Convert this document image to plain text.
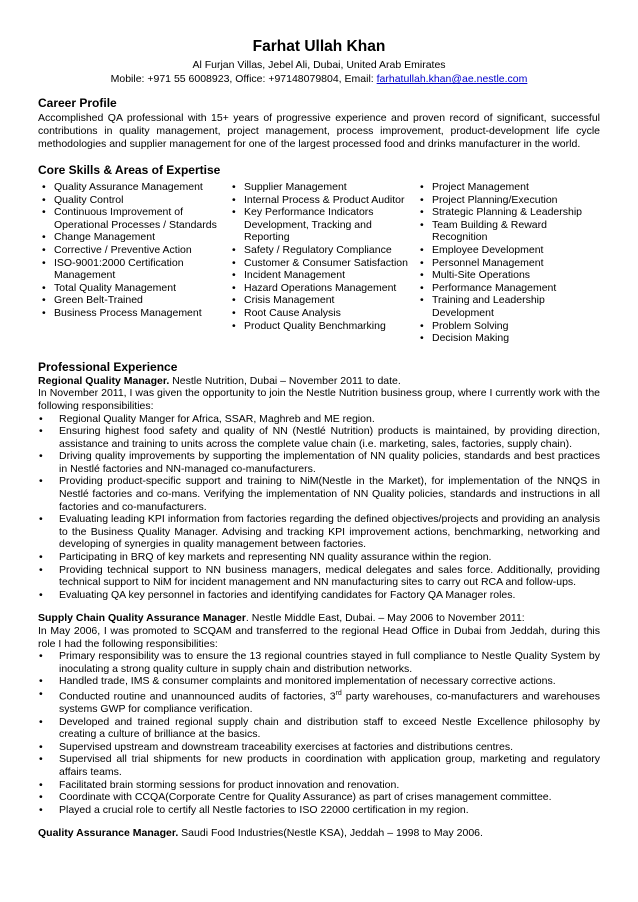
Farhat Ullah Khan
Al Furjan Villas, Jebel Ali, Dubai, United Arab Emirates
Mobile: +971 55 6008923, Office: +97148079804, Email: farhatullah.khan@ae.nestle.com
Career Profile

Accomplished QA professional with 15+ years of progressive experience and proven record of significant, successful contributions in quality management, project management, process improvement, product-development life cycle methodologies and supplier management for one of the largest processed food and drinks manufacturer in the world.

Core Skills & Areas of Expertise
• Quality Assurance Management
• Quality Control
• Continuous Improvement of Operational Processes / Standards
• Change Management
• Corrective / Preventive Action
• ISO-9001:2000 Certification Management
• Total Quality Management
• Green Belt-Trained
• Business Process Management
• Supplier Management
• Internal Process & Product Auditor
• Key Performance Indicators Development, Tracking and Reporting
• Safety / Regulatory Compliance
• Customer & Consumer Satisfaction
• Incident Management
• Hazard Operations Management
• Crisis Management
• Root Cause Analysis
• Product Quality Benchmarking
• Project Management
• Project Planning/Execution
• Strategic Planning & Leadership
• Team Building & Reward Recognition
• Employee Development
• Personnel Management
• Multi-Site Operations
• Performance Management
• Training and Leadership Development
• Problem Solving
• Decision Making
Professional Experience
Regional Quality Manager. Nestle Nutrition, Dubai – November 2011 to date.
In November 2011, I was given the opportunity to join the Nestle Nutrition business group, where I currently work with the following responsibilities:
• Regional Quality Manger for Africa, SSAR, Maghreb and ME region.
• Ensuring highest food safety and quality of NN (Nestlé Nutrition) products is maintained, by providing direction, assistance and training to units across the complete value chain (i.e. marketing, sales, factories, supply chain).
• Driving quality improvements by supporting the implementation of NN quality policies, standards and best practices in Nestlé factories and NN-managed co-manufacturers.
• Providing product-specific support and training to NiM(Nestle in the Market), for implementation of the NNQS in Nestlé factories and co-mans. Verifying the implementation of NN Quality policies, standards and instructions in all factories and co-manufacturers.
• Evaluating leading KPI information from factories regarding the defined objectives/projects and providing an analysis to the Business Quality Manager. Advising and tracking KPI improvement actions, benchmarking, networking and developing of synergies in quality management between factories.
• Participating in BRQ of key markets and representing NN quality assurance within the region.
• Providing technical support to NN business managers, medical delegates and sales force. Additionally, providing technical support to NiM for incident management and NN manufacturing sites to carry out RCA and follow-ups.
• Evaluating QA key personnel in factories and identifying candidates for Factory QA Manager roles.
Supply Chain Quality Assurance Manager. Nestle Middle East, Dubai. – May 2006 to November 2011:
In May 2006, I was promoted to SCQAM and transferred to the regional Head Office in Dubai from Jeddah, during this role I had the following responsibilities:
• Primary responsibility was to ensure the 13 regional countries stayed in full compliance to Nestle Quality System by inoculating a strong quality culture in supply chain and distribution networks.
• Handled trade, IMS & consumer complaints and monitored implementation of necessary corrective actions.
• Conducted routine and unannounced audits of factories, 3rd party warehouses, co-manufacturers and warehouses systems GWP for compliance verification.
• Developed and trained regional supply chain and distribution staff to exceed Nestle Excellence philosophy by creating a culture of brilliance at the basics.
• Supervised upstream and downstream traceability exercises at factories and distributions centres.
• Supervised all trial shipments for new products in coordination with application group, marketing and regulatory affairs teams.
• Facilitated brain storming sessions for product innovation and renovation.
• Coordinate with CCQA(Corporate Centre for Quality Assurance) as part of crises management committee.
• Played a crucial role to certify all Nestle factories to ISO 22000 certification in my region.
Quality Assurance Manager. Saudi Food Industries(Nestle KSA), Jeddah – 1998 to May 2006.
